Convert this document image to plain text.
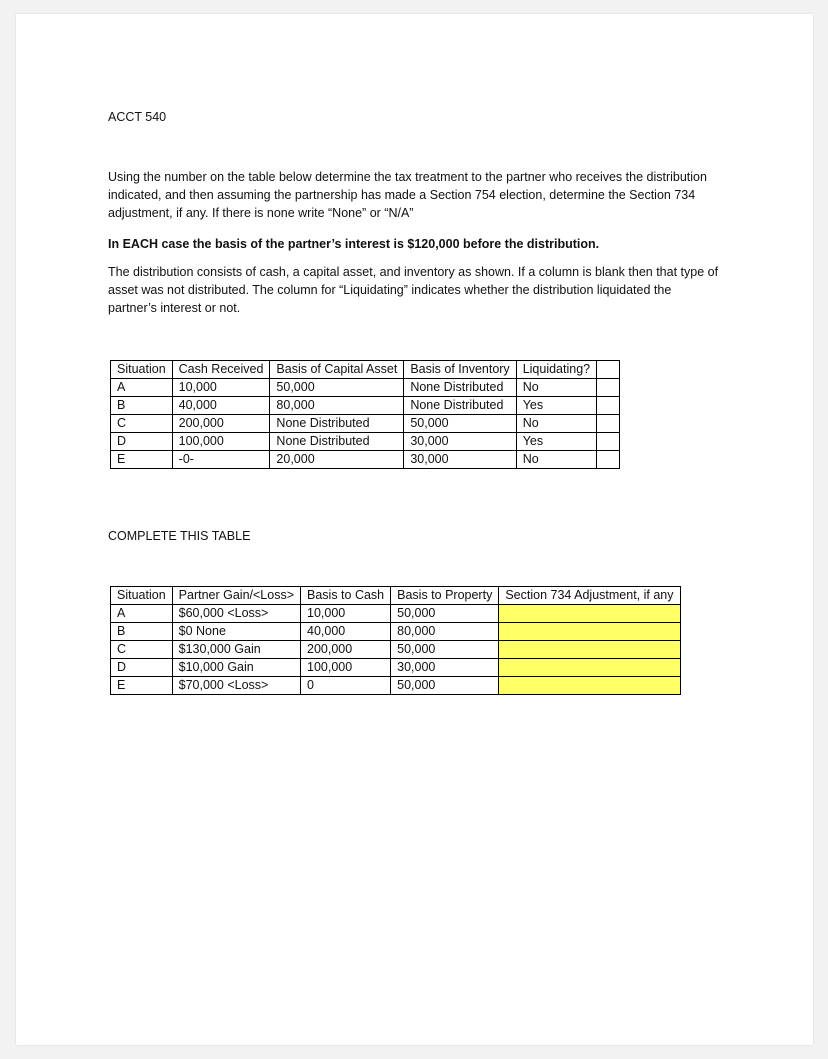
ACCT 540
Using the number on the table below determine the tax treatment to the partner who receives the distribution indicated, and then assuming the partnership has made a Section 754 election, determine the Section 734 adjustment, if any. If there is none write “None” or “N/A”
In EACH case the basis of the partner’s interest is $120,000 before the distribution.
The distribution consists of cash, a capital asset, and inventory as shown. If a column is blank then that type of asset was not distributed. The column for “Liquidating” indicates whether the distribution liquidated the partner’s interest or not.
Situation	Cash Received	Basis of Capital Asset	Basis of Inventory	Liquidating?	
A	10,000	50,000	None Distributed	No	
B	40,000	80,000	None Distributed	Yes	
C	200,000	None Distributed	50,000	No	
D	100,000	None Distributed	30,000	Yes	
E	-0-	20,000	30,000	No	
COMPLETE THIS TABLE
Situation	Partner Gain/<Loss>	Basis to Cash	Basis to Property	Section 734 Adjustment, if any
A	$60,000 <Loss>	10,000	50,000	
B	$0 None	40,000	80,000	
C	$130,000 Gain	200,000	50,000	
D	$10,000 Gain	100,000	30,000	
E	$70,000 <Loss>	0	50,000	
